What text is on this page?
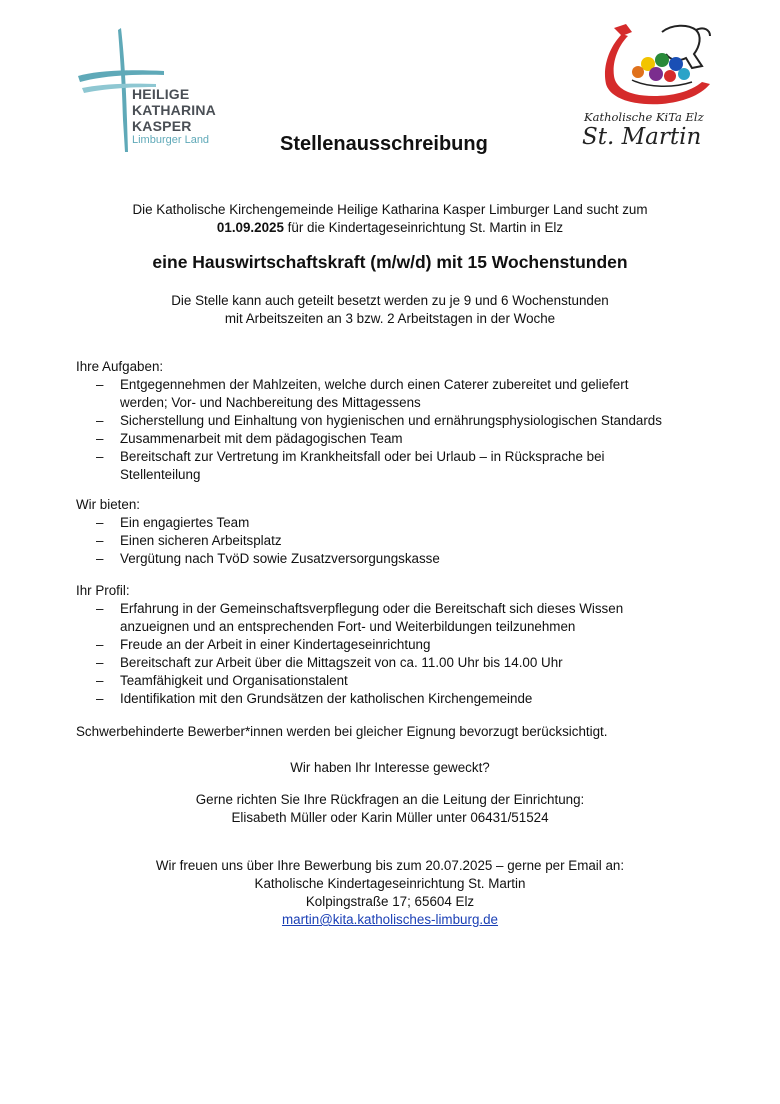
HEILIGE
KATHARINA
KASPER
Limburger Land
Katholische KiTa Elz
St. Martin
Stellenausschreibung
Die Katholische Kirchengemeinde Heilige Katharina Kasper Limburger Land sucht zum
01.09.2025 für die Kindertageseinrichtung St. Martin in Elz
eine Hauswirtschaftskraft (m/w/d) mit 15 Wochenstunden
Die Stelle kann auch geteilt besetzt werden zu je 9 und 6 Wochenstunden
mit Arbeitszeiten an 3 bzw. 2 Arbeitstagen in der Woche
Ihre Aufgaben:
– Entgegennehmen der Mahlzeiten, welche durch einen Caterer zubereitet und geliefert
werden; Vor- und Nachbereitung des Mittagessens
– Sicherstellung und Einhaltung von hygienischen und ernährungsphysiologischen Standards
– Zusammenarbeit mit dem pädagogischen Team
– Bereitschaft zur Vertretung im Krankheitsfall oder bei Urlaub – in Rücksprache bei
Stellenteilung
Wir bieten:
– Ein engagiertes Team
– Einen sicheren Arbeitsplatz
– Vergütung nach TvöD sowie Zusatzversorgungskasse
Ihr Profil:
– Erfahrung in der Gemeinschaftsverpflegung oder die Bereitschaft sich dieses Wissen
anzueignen und an entsprechenden Fort- und Weiterbildungen teilzunehmen
– Freude an der Arbeit in einer Kindertageseinrichtung
– Bereitschaft zur Arbeit über die Mittagszeit von ca. 11.00 Uhr bis 14.00 Uhr
– Teamfähigkeit und Organisationstalent
– Identifikation mit den Grundsätzen der katholischen Kirchengemeinde
Schwerbehinderte Bewerber*innen werden bei gleicher Eignung bevorzugt berücksichtigt.
Wir haben Ihr Interesse geweckt?
Gerne richten Sie Ihre Rückfragen an die Leitung der Einrichtung:
Elisabeth Müller oder Karin Müller unter 06431/51524
Wir freuen uns über Ihre Bewerbung bis zum 20.07.2025 – gerne per Email an:
Katholische Kindertageseinrichtung St. Martin
Kolpingstraße 17; 65604 Elz
martin@kita.katholisches-limburg.de
